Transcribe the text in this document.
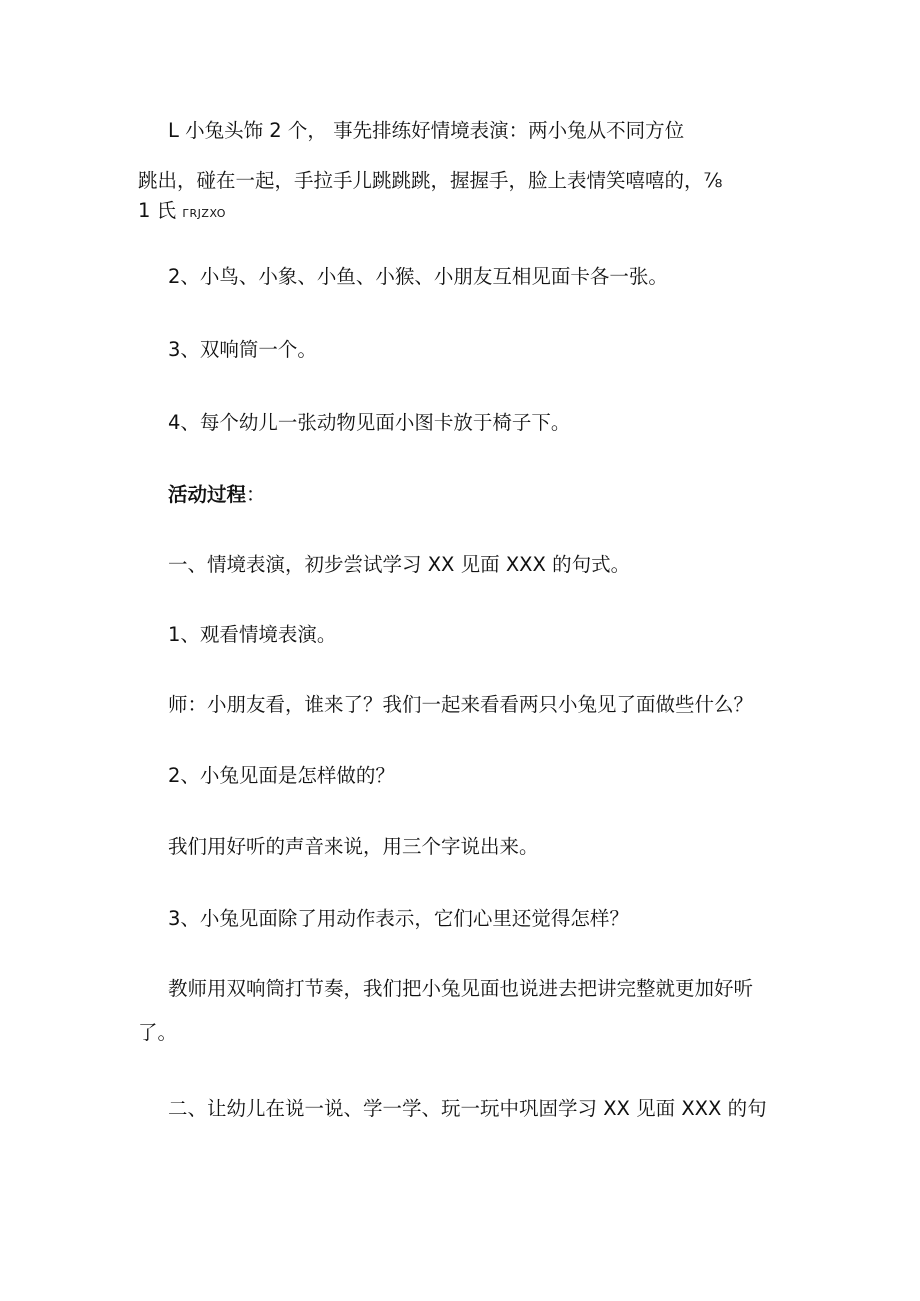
L 小兔头饰 2 个， 事先排练好情境表演：两小兔从不同方位
跳出，碰在一起，手拉手儿跳跳跳，握握手，脸上表情笑嘻嘻的，⅞
1 氏 ГRJZXO
2、小鸟、小象、小鱼、小猴、小朋友互相见面卡各一张。
3、双响筒一个。
4、每个幼儿一张动物见面小图卡放于椅子下。
活动过程：
一、情境表演，初步尝试学习 XX 见面 XXX 的句式。
1、观看情境表演。
师：小朋友看，谁来了？我们一起来看看两只小兔见了面做些什么？
2、小兔见面是怎样做的？
我们用好听的声音来说，用三个字说出来。
3、小兔见面除了用动作表示，它们心里还觉得怎样？
教师用双响筒打节奏，我们把小兔见面也说进去把讲完整就更加好听
了。
二、让幼儿在说一说、学一学、玩一玩中巩固学习 XX 见面 XXX 的句
